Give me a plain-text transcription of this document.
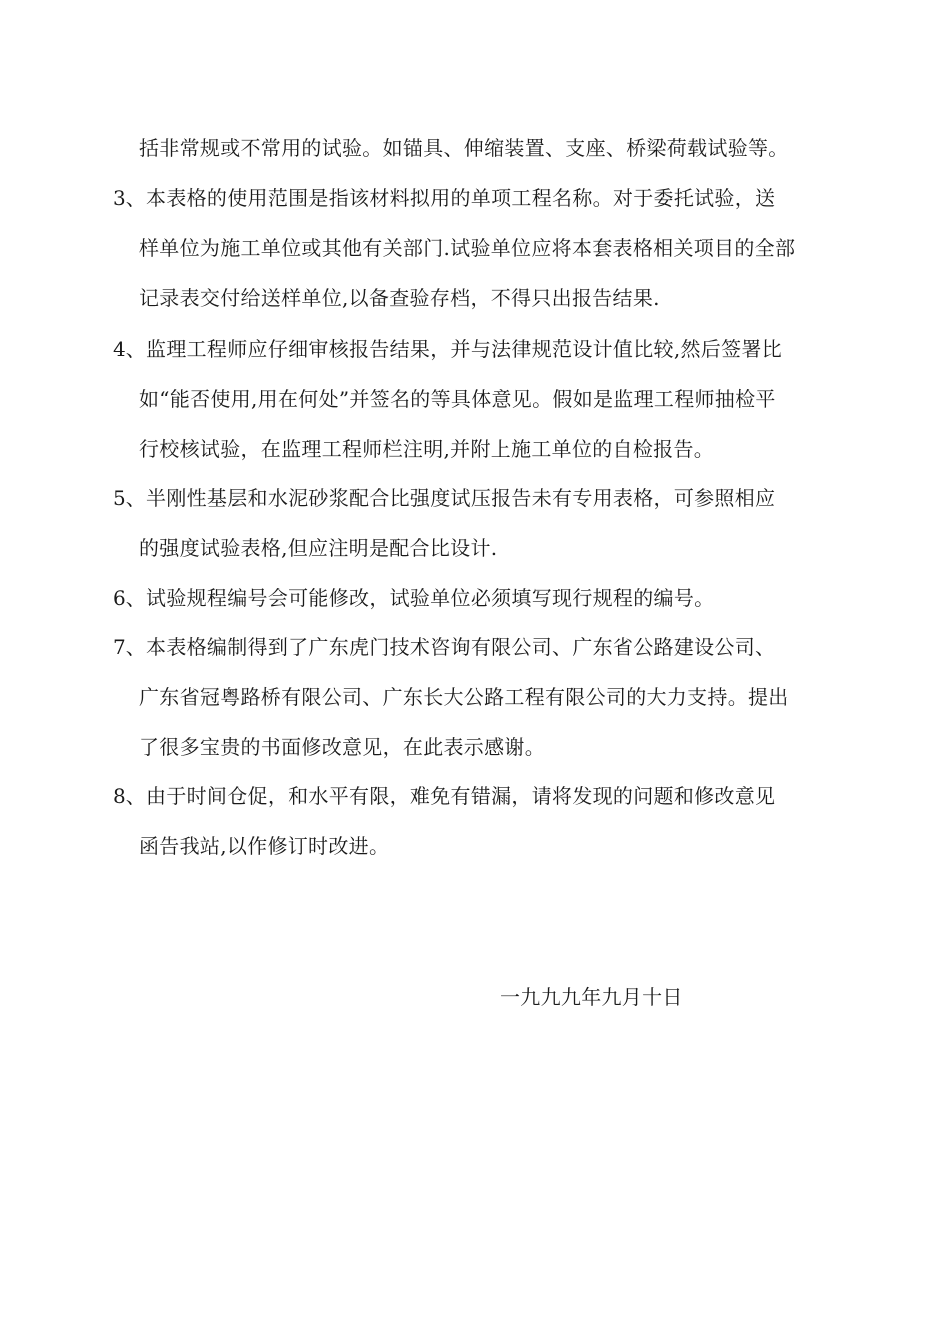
括非常规或不常用的试验。如锚具、伸缩装置、支座、桥梁荷载试验等。
3、本表格的使用范围是指该材料拟用的单项工程名称。对于委托试验，送
样单位为施工单位或其他有关部门.试验单位应将本套表格相关项目的全部
记录表交付给送样单位,以备查验存档，不得只出报告结果.
4、监理工程师应仔细审核报告结果，并与法律规范设计值比较,然后签署比
如“能否使用,用在何处”并签名的等具体意见。假如是监理工程师抽检平
行校核试验，在监理工程师栏注明,并附上施工单位的自检报告。
5、半刚性基层和水泥砂浆配合比强度试压报告未有专用表格，可参照相应
的强度试验表格,但应注明是配合比设计.
6、试验规程编号会可能修改，试验单位必须填写现行规程的编号。
7、本表格编制得到了广东虎门技术咨询有限公司、广东省公路建设公司、
广东省冠粤路桥有限公司、广东长大公路工程有限公司的大力支持。提出
了很多宝贵的书面修改意见，在此表示感谢。
8、由于时间仓促，和水平有限，难免有错漏，请将发现的问题和修改意见
函告我站,以作修订时改进。
一九九九年九月十日
